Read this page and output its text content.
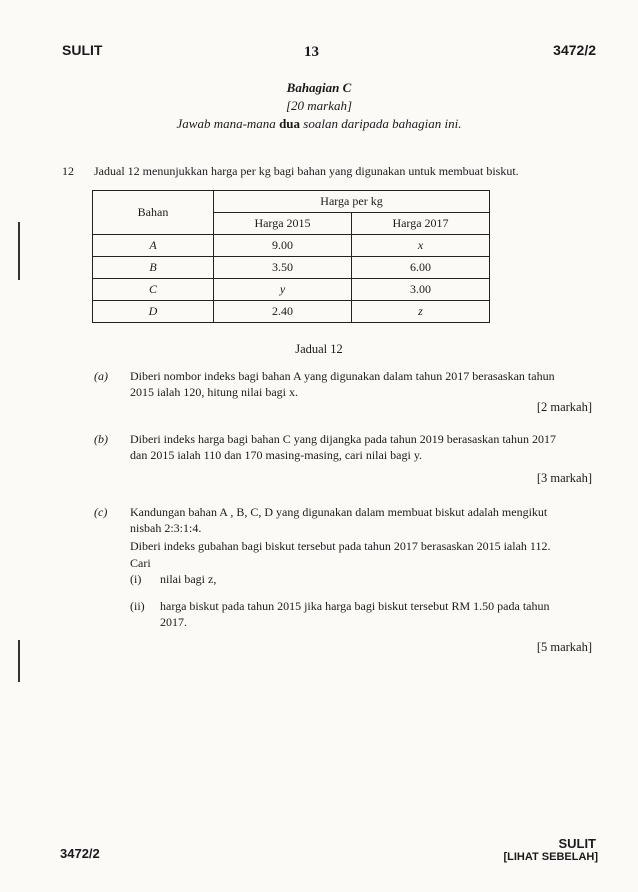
SULIT	13	3472/2
Bahagian C
[20 markah]
Jawab mana-mana dua soalan daripada bahagian ini.
12 Jadual 12 menunjukkan harga per kg bagi bahan yang digunakan untuk membuat biskut.
Bahan	Harga per kg	
	Harga 2015	Harga 2017
A	9.00	x
B	3.50	6.00
C	y	3.00
D	2.40	z
Jadual 12
(a) Diberi nombor indeks bagi bahan A yang digunakan dalam tahun 2017 berasaskan tahun
2015 ialah 120, hitung nilai bagi x.
[2 markah]
(b) Diberi indeks harga bagi bahan C yang dijangka pada tahun 2019 berasaskan tahun 2017
dan 2015 ialah 110 dan 170 masing-masing, cari nilai bagi y.
[3 markah]
(c) Kandungan bahan A , B, C, D yang digunakan dalam membuat biskut adalah mengikut
nisbah 2:3:1:4.
Diberi indeks gubahan bagi biskut tersebut pada tahun 2017 berasaskan 2015 ialah 112.
Cari
(i) nilai bagi z,
(ii) harga biskut pada tahun 2015 jika harga bagi biskut tersebut RM 1.50 pada tahun
2017.
[5 markah]
3472/2
SULIT
[LIHAT SEBELAH]
